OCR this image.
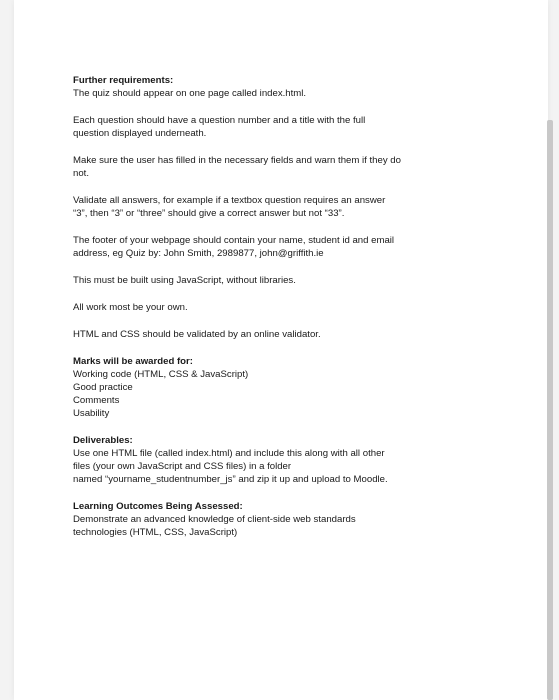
Further requirements:
The quiz should appear on one page called index.html.
Each question should have a question number and a title with the full
question displayed underneath.
Make sure the user has filled in the necessary fields and warn them if they do
not.
Validate all answers, for example if a textbox question requires an answer
“3”, then “3” or “three” should give a correct answer but not “33”.
The footer of your webpage should contain your name, student id and email
address, eg Quiz by: John Smith, 2989877, john@griffith.ie
This must be built using JavaScript, without libraries.
All work most be your own.
HTML and CSS should be validated by an online validator.
Marks will be awarded for:
Working code (HTML, CSS & JavaScript)
Good practice
Comments
Usability
Deliverables:
Use one HTML file (called index.html) and include this along with all other
files (your own JavaScript and CSS files) in a folder
named “yourname_studentnumber_js” and zip it up and upload to Moodle.
Learning Outcomes Being Assessed:
Demonstrate an advanced knowledge of client-side web standards
technologies (HTML, CSS, JavaScript)
